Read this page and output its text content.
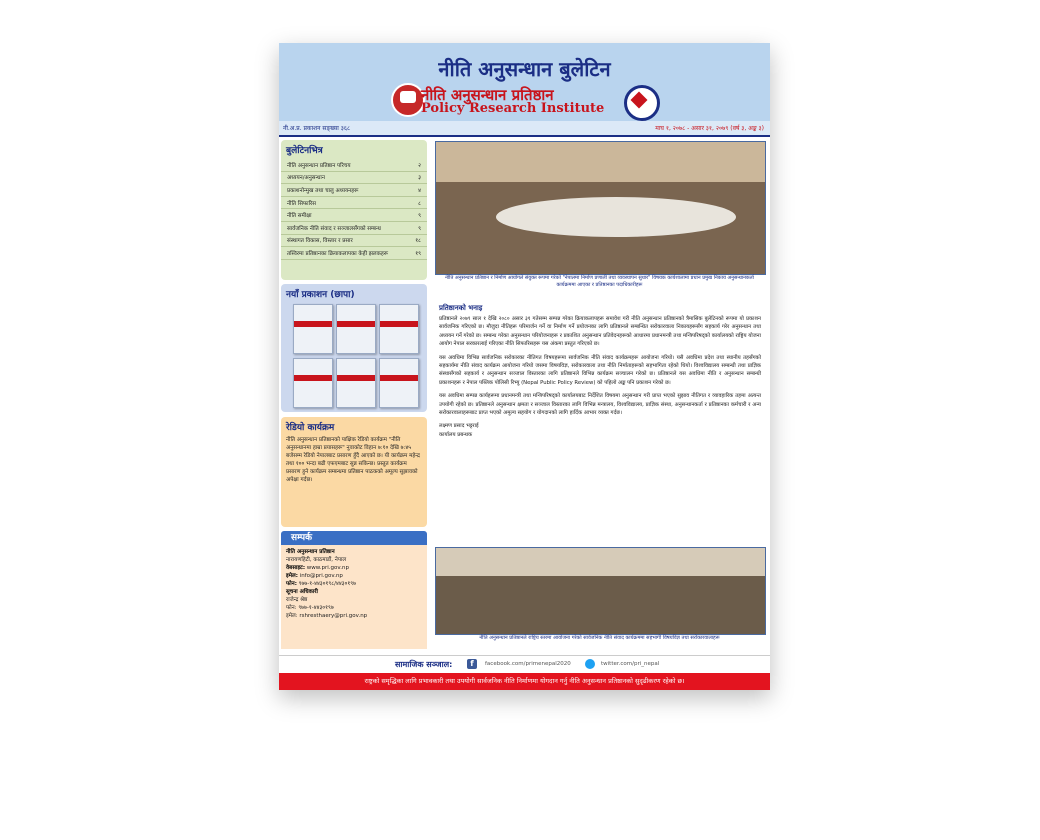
नीति अनुसन्धान बुलेटिन
नीति अनुसन्धान प्रतिष्ठान
Policy Research Institute
नी.अ.प्र. प्रकाशन सङ्ख्या ३६८	माघ १, २०७८ - असार ३१, २०७९ (वर्ष ३, अङ्क ३)
बुलेटिनभित्र
नीति अनुसन्धान प्रतिष्ठान परिचय	२
अध्ययन/अनुसन्धान	३
प्रकाशनोन्मुख तथा चालु अध्ययनहरू	४
नीति सिफारिस	८
नीति समीक्षा	९
सार्वजनिक नीति संवाद र सञ्जालसँगको सम्बन्ध	९
संस्थागत विकास, विस्तार र प्रसार	१८
तस्विरमा प्रतिष्ठानका क्रियाकलापका केही झलकहरू	१९
नयाँ प्रकाशन (छापा)
रेडियो कार्यक्रम
नीति अनुसन्धान प्रतिष्ठानको पाक्षिक रेडियो कार्यक्रम "नीति अनुसन्धानमा हाम्रा प्रयासहरू" नुवाकोट विहान ७:१० देखि ७:४५ बजेसम्म रेडियो नेपालबाट प्रसारण हुँदै आएको छ। यी कार्यक्रम महेन्द्र तथा १०० भन्दा बढी एफएमबाट सुन्न सकिन्छ। प्रस्तुत कार्यक्रम प्रसारण हुने कार्यक्रम सम्बन्धमा प्रतिष्ठान पाठकको अमूल्य सुझावको अपेक्षा गर्दछ।
सम्पर्क
नीति अनुसन्धान प्रतिष्ठान
नारायणहिटी, काठमाडौं, नेपाल
वेबसाइट: www.pri.gov.np
इमेल: info@pri.gov.np
फोन: ९७७-१-४४३०१९८/४४३०१९७
सूचना अधिकारी
राजेन्द्र श्रेष्ठ
फोन: ९७७-१-४४३०१९७
इमेल: rshresthaery@pri.gov.np
नीति अनुसन्धान प्रतिष्ठान र निर्माण आयोगले संयुक्त रूपमा गरेको "नेपालमा निर्माण प्रणाली तथा व्यवस्थापन सुधार" विषयक कार्यशालामा प्रधान प्रमुख निकाय अनुसन्धानकर्ता कार्यक्रममा आएका र प्रतिष्ठानका पदाधिकारीहरू
प्रतिष्ठानको भनाइ

प्रतिष्ठानले २०७९ साल १ देखि २०८० असार ३१ गतेसम्म सम्पन्न गरेका क्रियाकलापहरू समावेश गरी नीति अनुसन्धान प्रतिष्ठानको त्रैमासिक बुलेटिनको रूपमा यो प्रकाशन सार्वजनिक गरिएको छ। मौजुदा नीतिहरू परिमार्जन गर्ने वा निर्माण गर्ने प्रयोजनका लागि प्रतिष्ठानले सम्बन्धित सरोकारवाला निकायहरूसँग सहकार्य गरेर अनुसन्धान तथा अध्ययन गर्ने गरेको छ। सम्बन्ध गरेका अनुसन्धान परियोजनाहरू र प्रकाशित अनुसन्धान प्रतिवेदनहरूको आधारमा प्रधानमन्त्री तथा मन्त्रिपरिषद्को कार्यालयको राष्ट्रिय योजना आयोग नेपाल सरकारलाई गरिएका नीति सिफारिसहरू यस अंकमा प्रस्तुत गरिएको छ।

यस अवधिमा विभिन्न सार्वजनिक सरोकारका नीतिगत विषयहरूमा सार्वजनिक नीति संवाद कार्यक्रमहरू आयोजना गरियो। यसै अवधिमा प्रदेश तथा स्थानीय तहसँगको सहकार्यमा नीति संवाद कार्यक्रम आयोजना गरियो जसमा विषयविज्ञ, सरोकारवाला तथा नीति निर्माताहरूको सहभागिता रहेको थियो। विश्वविद्यालय सम्बन्धी तथा प्राज्ञिक संस्थासँगको सहकार्य र अनुसन्धान सञ्जाल विस्तारका लागि प्रतिष्ठानले विभिन्न कार्यक्रम सञ्चालन गरेको छ। प्रतिष्ठानले यस अवधिमा नीति र अनुसन्धान सम्बन्धी प्रकाशनहरू र नेपाल पब्लिक पोलिसी रिभ्यु (Nepal Public Policy Review) को पहिलो अङ्क पनि प्रकाशन गरेको छ।

यस अवधिमा सम्पन्न कार्यहरूमा प्रधानमन्त्री तथा मन्त्रिपरिषद्को कार्यालयबाट निर्देशित विषयमा अनुसन्धान गरी प्राप्त भएको सुझाव नीतिगत र व्यावहारिक तहमा अत्यन्त उपयोगी रहेको छ। प्रतिष्ठानले अनुसन्धान क्षमता र सञ्जाल विस्तारका लागि विभिन्न मन्त्रालय, विश्वविद्यालय, प्राज्ञिक संस्था, अनुसन्धानकर्ता र प्रतिष्ठानका कर्मचारी र अन्य सरोकारवालाहरूबाट प्राप्त भएको अमूल्य सहयोग र योगदानको लागि हार्दिक आभार व्यक्त गर्दछ।

लक्ष्मण प्रसाद भट्टराई
कार्यालय प्रबन्धक

नीति अनुसन्धान प्रतिष्ठानले राष्ट्रिय स्तरमा आयोजना गरेको सार्वजनिक नीति संवाद कार्यक्रममा सहभागी विषयविज्ञ तथा सरोकारवालाहरू
सामाजिक सञ्जाल:	f	facebook.com/primenepal2020	twitter.com/pri_nepal
राष्ट्रको समृद्धिका लागि प्रभावकारी तथा उपयोगी सार्वजनिक नीति निर्माणमा योगदान गर्नु नीति अनुसन्धान प्रतिष्ठानको सुदृढीकरण रहेको छ।
